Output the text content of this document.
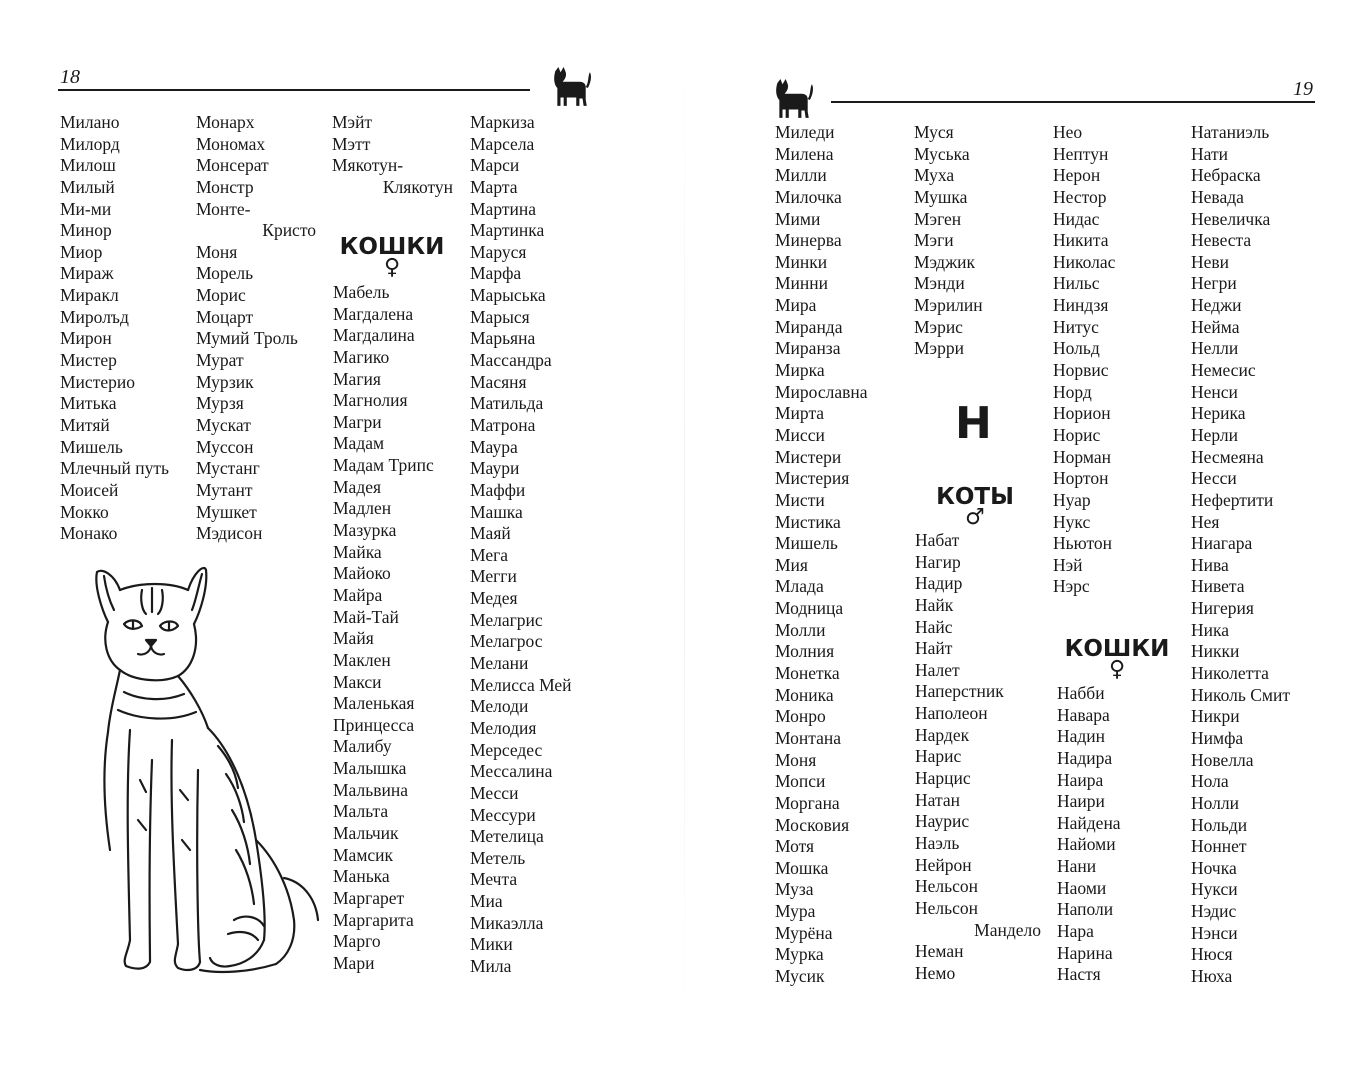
18
Милано
Милорд
Милош
Милый
Ми-ми
Минор
Миор
Мираж
Миракл
Миролъд
Мирон
Мистер
Мистерио
Митька
Митяй
Мишель
Млечный путь
Моисей
Мокко
Монако
Монарх
Мономах
Монсерат
Монстр
Монте-
Кристо
Моня
Морель
Морис
Моцарт
Мумий Троль
Мурат
Мурзик
Мурзя
Мускат
Муссон
Мустанг
Мутант
Мушкет
Мэдисон
Мэйт
Мэтт
Мякотун-
Клякотун
КОШКИ
♀
Мабель
Магдалена
Магдалина
Магико
Магия
Магнолия
Магри
Мадам
Мадам Трипс
Мадея
Мадлен
Мазурка
Майка
Майоко
Майра
Май-Тай
Майя
Маклен
Макси
Маленькая
Принцесса
Малибу
Малышка
Мальвина
Мальта
Мальчик
Мамсик
Манька
Маргарет
Маргарита
Марго
Мари
Маркиза
Марсела
Марси
Марта
Мартина
Мартинка
Маруся
Марфа
Марыська
Марыся
Марьяна
Массандра
Масяня
Матильда
Матрона
Маура
Маури
Маффи
Машка
Маяй
Мега
Мегги
Медея
Мелагрис
Мелагрос
Мелани
Мелисса Мей
Мелоди
Мелодия
Мерседес
Мессалина
Месси
Мессури
Метелица
Метель
Мечта
Миа
Микаэлла
Мики
Мила
19
Миледи
Милена
Милли
Милочка
Мими
Минерва
Минки
Минни
Мира
Миранда
Миранза
Мирка
Мирославна
Мирта
Мисси
Мистери
Мистерия
Мисти
Мистика
Мишель
Мия
Млада
Модница
Молли
Молния
Монетка
Моника
Монро
Монтана
Моня
Мопси
Моргана
Московия
Мотя
Мошка
Муза
Мура
Мурёна
Мурка
Мусик
Муся
Муська
Муха
Мушка
Мэген
Мэги
Мэджик
Мэнди
Мэрилин
Мэрис
Мэрри
Н
КОТЫ
♂
Набат
Нагир
Надир
Найк
Найс
Найт
Налет
Наперстник
Наполеон
Нардек
Нарис
Нарцис
Натан
Наурис
Наэль
Нейрон
Нельсон
Нельсон
Мандело
Неман
Немо
Нео
Нептун
Нерон
Нестор
Нидас
Никита
Николас
Нильс
Ниндзя
Нитус
Нольд
Норвис
Норд
Норион
Норис
Норман
Нортон
Нуар
Нукс
Ньютон
Нэй
Нэрс
КОШКИ
♀
Набби
Навара
Надин
Надира
Наира
Наири
Найдена
Найоми
Нани
Наоми
Наполи
Нара
Нарина
Настя
Натаниэль
Нати
Небраска
Невада
Невеличка
Невеста
Неви
Негри
Неджи
Нейма
Нелли
Немесис
Ненси
Нерика
Нерли
Несмеяна
Несси
Нефертити
Нея
Ниагара
Нива
Нивета
Нигерия
Ника
Никки
Николетта
Николь Смит
Никри
Нимфа
Новелла
Нола
Нолли
Нольди
Ноннет
Ночка
Нукси
Нэдис
Нэнси
Нюся
Нюха
